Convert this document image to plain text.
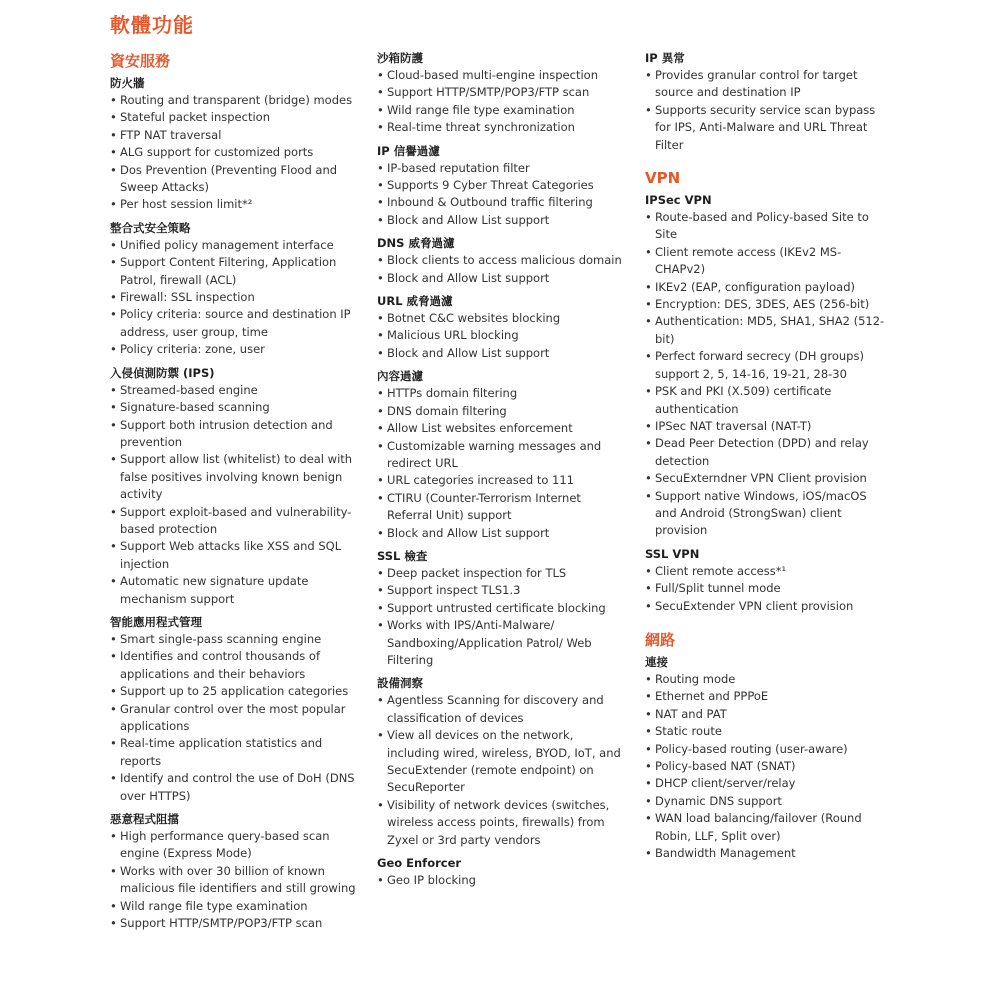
軟體功能
資安服務
防火牆
• Routing and transparent (bridge) modes
• Stateful packet inspection
• FTP NAT traversal
• ALG support for customized ports
• Dos Prevention (Preventing Flood and Sweep Attacks)
• Per host session limit*²
整合式安全策略
• Unified policy management interface
• Support Content Filtering, Application Patrol, firewall (ACL)
• Firewall: SSL inspection
• Policy criteria: source and destination IP address, user group, time
• Policy criteria: zone, user
入侵偵測防禦 (IPS)
• Streamed-based engine
• Signature-based scanning
• Support both intrusion detection and prevention
• Support allow list (whitelist) to deal with false positives involving known benign activity
• Support exploit-based and vulnerability-based protection
• Support Web attacks like XSS and SQL injection
• Automatic new signature update mechanism support
智能應用程式管理
• Smart single-pass scanning engine
• Identifies and control thousands of applications and their behaviors
• Support up to 25 application categories
• Granular control over the most popular applications
• Real-time application statistics and reports
• Identify and control the use of DoH (DNS over HTTPS)
惡意程式阻擋
• High performance query-based scan engine (Express Mode)
• Works with over 30 billion of known malicious file identifiers and still growing
• Wild range file type examination
• Support HTTP/SMTP/POP3/FTP scan
沙箱防護
• Cloud-based multi-engine inspection
• Support HTTP/SMTP/POP3/FTP scan
• Wild range file type examination
• Real-time threat synchronization
IP 信譽過濾
• IP-based reputation filter
• Supports 9 Cyber Threat Categories
• Inbound & Outbound traffic filtering
• Block and Allow List support
DNS 威脅過濾
• Block clients to access malicious domain
• Block and Allow List support
URL 威脅過濾
• Botnet C&C websites blocking
• Malicious URL blocking
• Block and Allow List support
內容過濾
• HTTPs domain filtering
• DNS domain filtering
• Allow List websites enforcement
• Customizable warning messages and redirect URL
• URL categories increased to 111
• CTIRU (Counter-Terrorism Internet Referral Unit) support
• Block and Allow List support
SSL 檢查
• Deep packet inspection for TLS
• Support inspect TLS1.3
• Support untrusted certificate blocking
• Works with IPS/Anti-Malware/ Sandboxing/Application Patrol/ Web Filtering
設備洞察
• Agentless Scanning for discovery and classification of devices
• View all devices on the network, including wired, wireless, BYOD, IoT, and SecuExtender (remote endpoint) on SecuReporter
• Visibility of network devices (switches, wireless access points, firewalls) from Zyxel or 3rd party vendors
Geo Enforcer
• Geo IP blocking
IP 異常
• Provides granular control for target source and destination IP
• Supports security service scan bypass for IPS, Anti-Malware and URL Threat Filter
VPN
IPSec VPN
• Route-based and Policy-based Site to Site
• Client remote access (IKEv2 MS-CHAPv2)
• IKEv2 (EAP, configuration payload)
• Encryption: DES, 3DES, AES (256-bit)
• Authentication: MD5, SHA1, SHA2 (512-bit)
• Perfect forward secrecy (DH groups) support 2, 5, 14-16, 19-21, 28-30
• PSK and PKI (X.509) certificate authentication
• IPSec NAT traversal (NAT-T)
• Dead Peer Detection (DPD) and relay detection
• SecuExterndner VPN Client provision
• Support native Windows, iOS/macOS and Android (StrongSwan) client provision
SSL VPN
• Client remote access*¹
• Full/Split tunnel mode
• SecuExtender VPN client provision
網路
連接
• Routing mode
• Ethernet and PPPoE
• NAT and PAT
• Static route
• Policy-based routing (user-aware)
• Policy-based NAT (SNAT)
• DHCP client/server/relay
• Dynamic DNS support
• WAN load balancing/failover (Round Robin, LLF, Split over)
• Bandwidth Management
